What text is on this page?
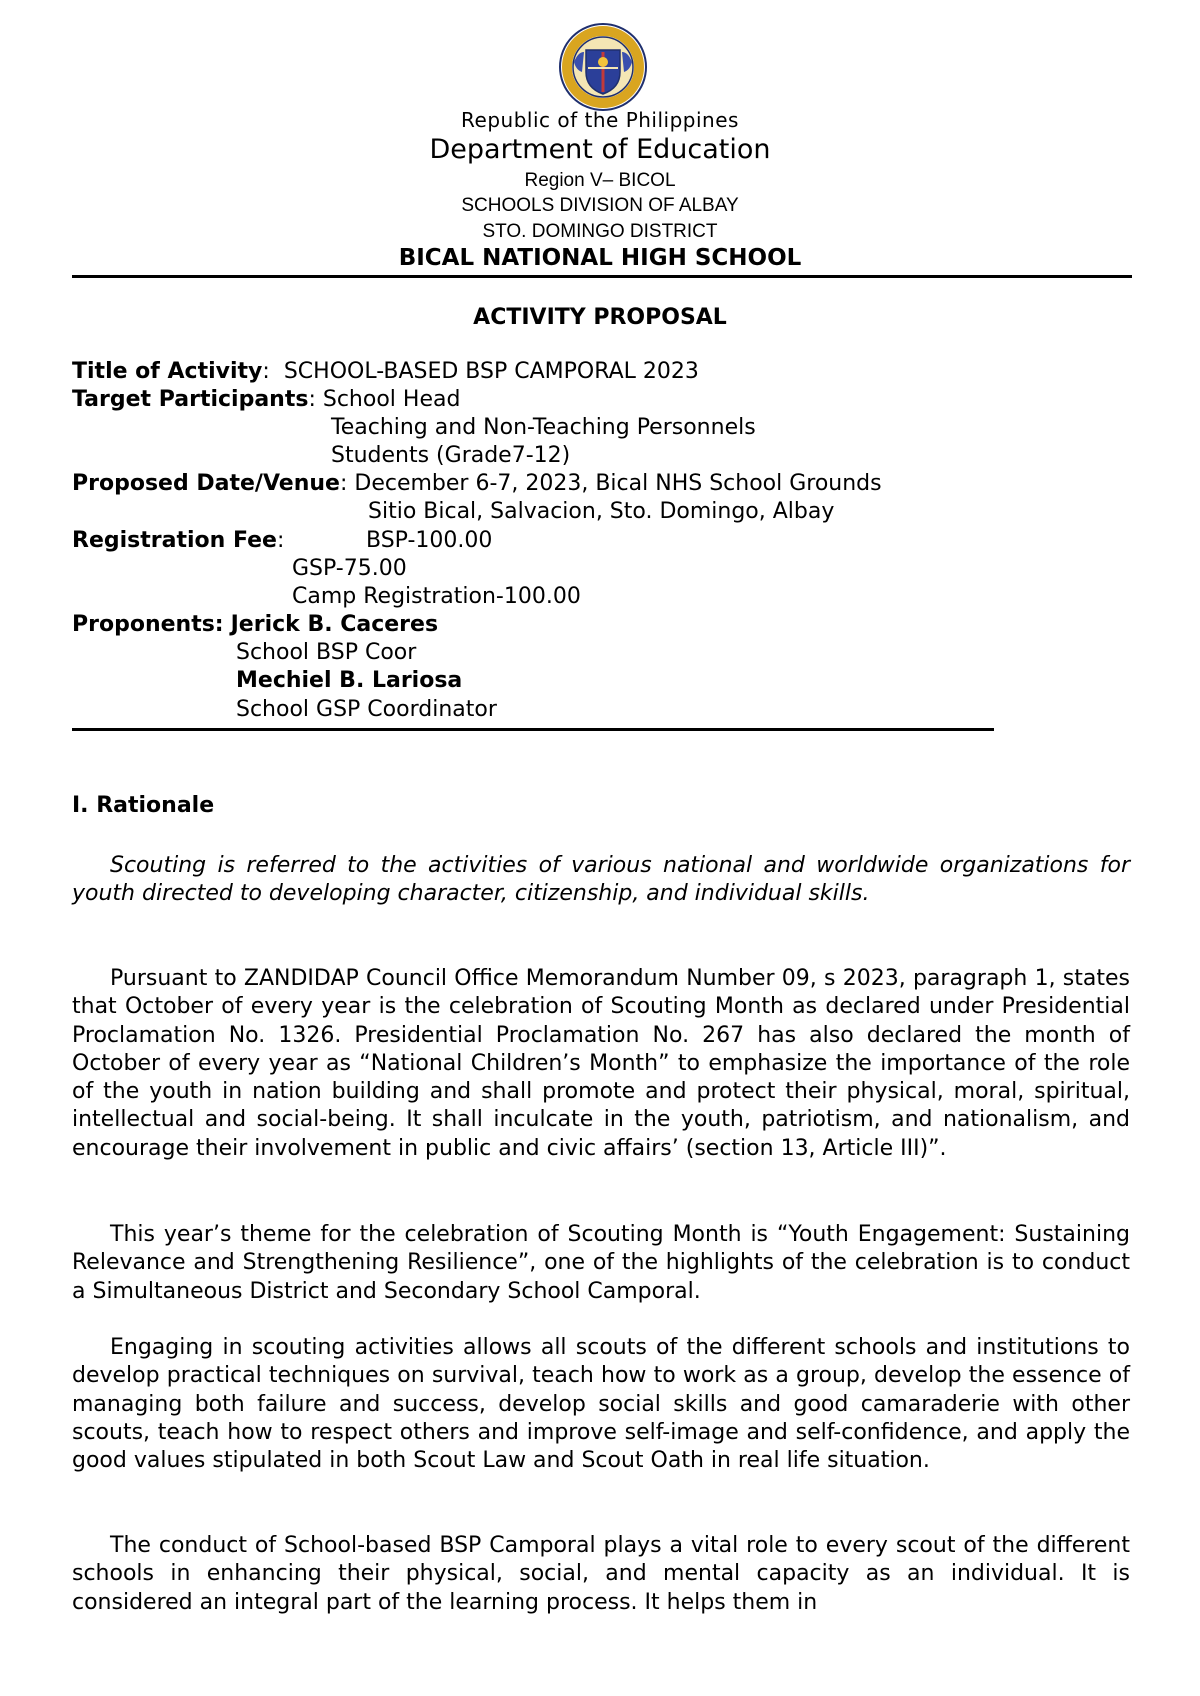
Republic of the Philippines
Department of Education
Region V– BICOL
SCHOOLS DIVISION OF ALBAY
STO. DOMINGO DISTRICT
BICAL NATIONAL HIGH SCHOOL
ACTIVITY PROPOSAL
Title of Activity: SCHOOL-BASED BSP CAMPORAL 2023
Target Participants: School Head
Teaching and Non-Teaching Personnels
Students (Grade7-12)
Proposed Date/Venue: December 6-7, 2023, Bical NHS School Grounds
Sitio Bical, Salvacion, Sto. Domingo, Albay
Registration Fee:	BSP-100.00
GSP-75.00
Camp Registration-100.00
Proponents: Jerick B. Caceres
School BSP Coor
Mechiel B. Lariosa
School GSP Coordinator
I. Rationale
Scouting is referred to the activities of various national and worldwide organizations for youth directed to developing character, citizenship, and individual skills.
Pursuant to ZANDIDAP Council Office Memorandum Number 09, s 2023, paragraph 1, states that October of every year is the celebration of Scouting Month as declared under Presidential Proclamation No. 1326. Presidential Proclamation No. 267 has also declared the month of October of every year as “National Children’s Month” to emphasize the importance of the role of the youth in nation building and shall promote and protect their physical, moral, spiritual, intellectual and social-being. It shall inculcate in the youth, patriotism, and nationalism, and encourage their involvement in public and civic affairs’ (section 13, Article III)”.
This year’s theme for the celebration of Scouting Month is “Youth Engagement: Sustaining Relevance and Strengthening Resilience”, one of the highlights of the celebration is to conduct a Simultaneous District and Secondary School Camporal.
Engaging in scouting activities allows all scouts of the different schools and institutions to develop practical techniques on survival, teach how to work as a group, develop the essence of managing both failure and success, develop social skills and good camaraderie with other scouts, teach how to respect others and improve self-image and self-confidence, and apply the good values stipulated in both Scout Law and Scout Oath in real life situation.
The conduct of School-based BSP Camporal plays a vital role to every scout of the different schools in enhancing their physical, social, and mental capacity as an individual. It is considered an integral part of the learning process. It helps them in
